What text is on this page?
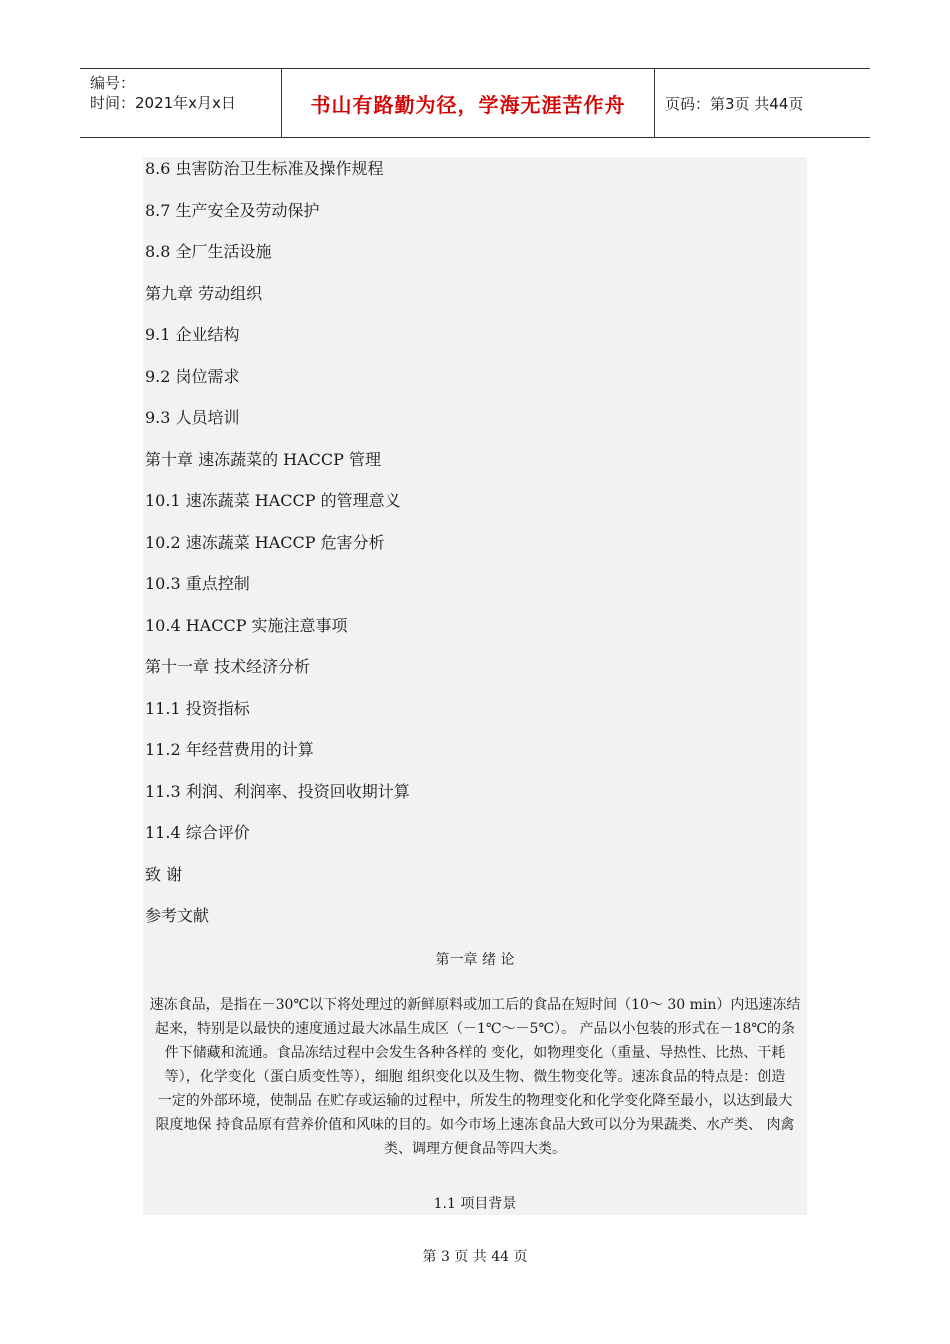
编号：
时间：2021年x月x日	书山有路勤为径，学海无涯苦作舟	页码：第3页 共44页
8.6 虫害防治卫生标准及操作规程
8.7 生产安全及劳动保护
8.8 全厂生活设施
第九章 劳动组织
9.1 企业结构
9.2 岗位需求
9.3 人员培训
第十章 速冻蔬菜的 HACCP 管理
10.1 速冻蔬菜 HACCP 的管理意义
10.2 速冻蔬菜 HACCP 危害分析
10.3 重点控制
10.4 HACCP 实施注意事项
第十一章 技术经济分析
11.1 投资指标
11.2 年经营费用的计算
11.3 利润、利润率、投资回收期计算
11.4 综合评价
致 谢
参考文献
第一章 绪 论
速冻食品，是指在－30℃以下将处理过的新鲜原料或加工后的食品在短时间（10～ 30 min）内迅速冻结
起来，特别是以最快的速度通过最大冰晶生成区（－1℃～－5℃）。 产品以小包装的形式在－18℃的条
件下储藏和流通。食品冻结过程中会发生各种各样的 变化，如物理变化（重量、导热性、比热、干耗
等），化学变化（蛋白质变性等），细胞 组织变化以及生物、微生物变化等。速冻食品的特点是：创造
一定的外部环境，使制品 在贮存或运输的过程中，所发生的物理变化和化学变化降至最小，以达到最大
限度地保 持食品原有营养价值和风味的目的。如今市场上速冻食品大致可以分为果蔬类、水产类、 肉禽
类、调理方便食品等四大类。
1.1 项目背景
第 3 页 共 44 页
